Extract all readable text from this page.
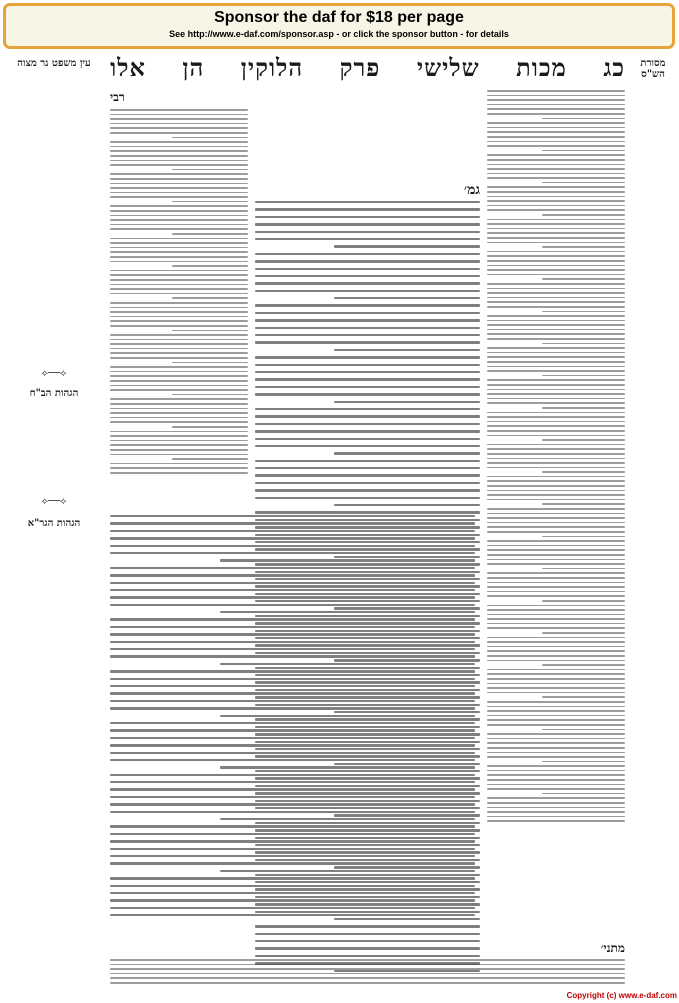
Sponsor the daf for $18 per page
See http://www.e-daf.com/sponsor.asp - or click the sponsor button - for details
מסורת הש"ס
עין משפט נר מצוה
⟡──⟡
הגהות הב"ח
⟡──⟡
הגהות הגר"א
כג
מכות
שלישי
פרק
הלוקין
הן
אלו
רבי
גמ׳
מתני׳
Copyright (c) www.e-daf.com
